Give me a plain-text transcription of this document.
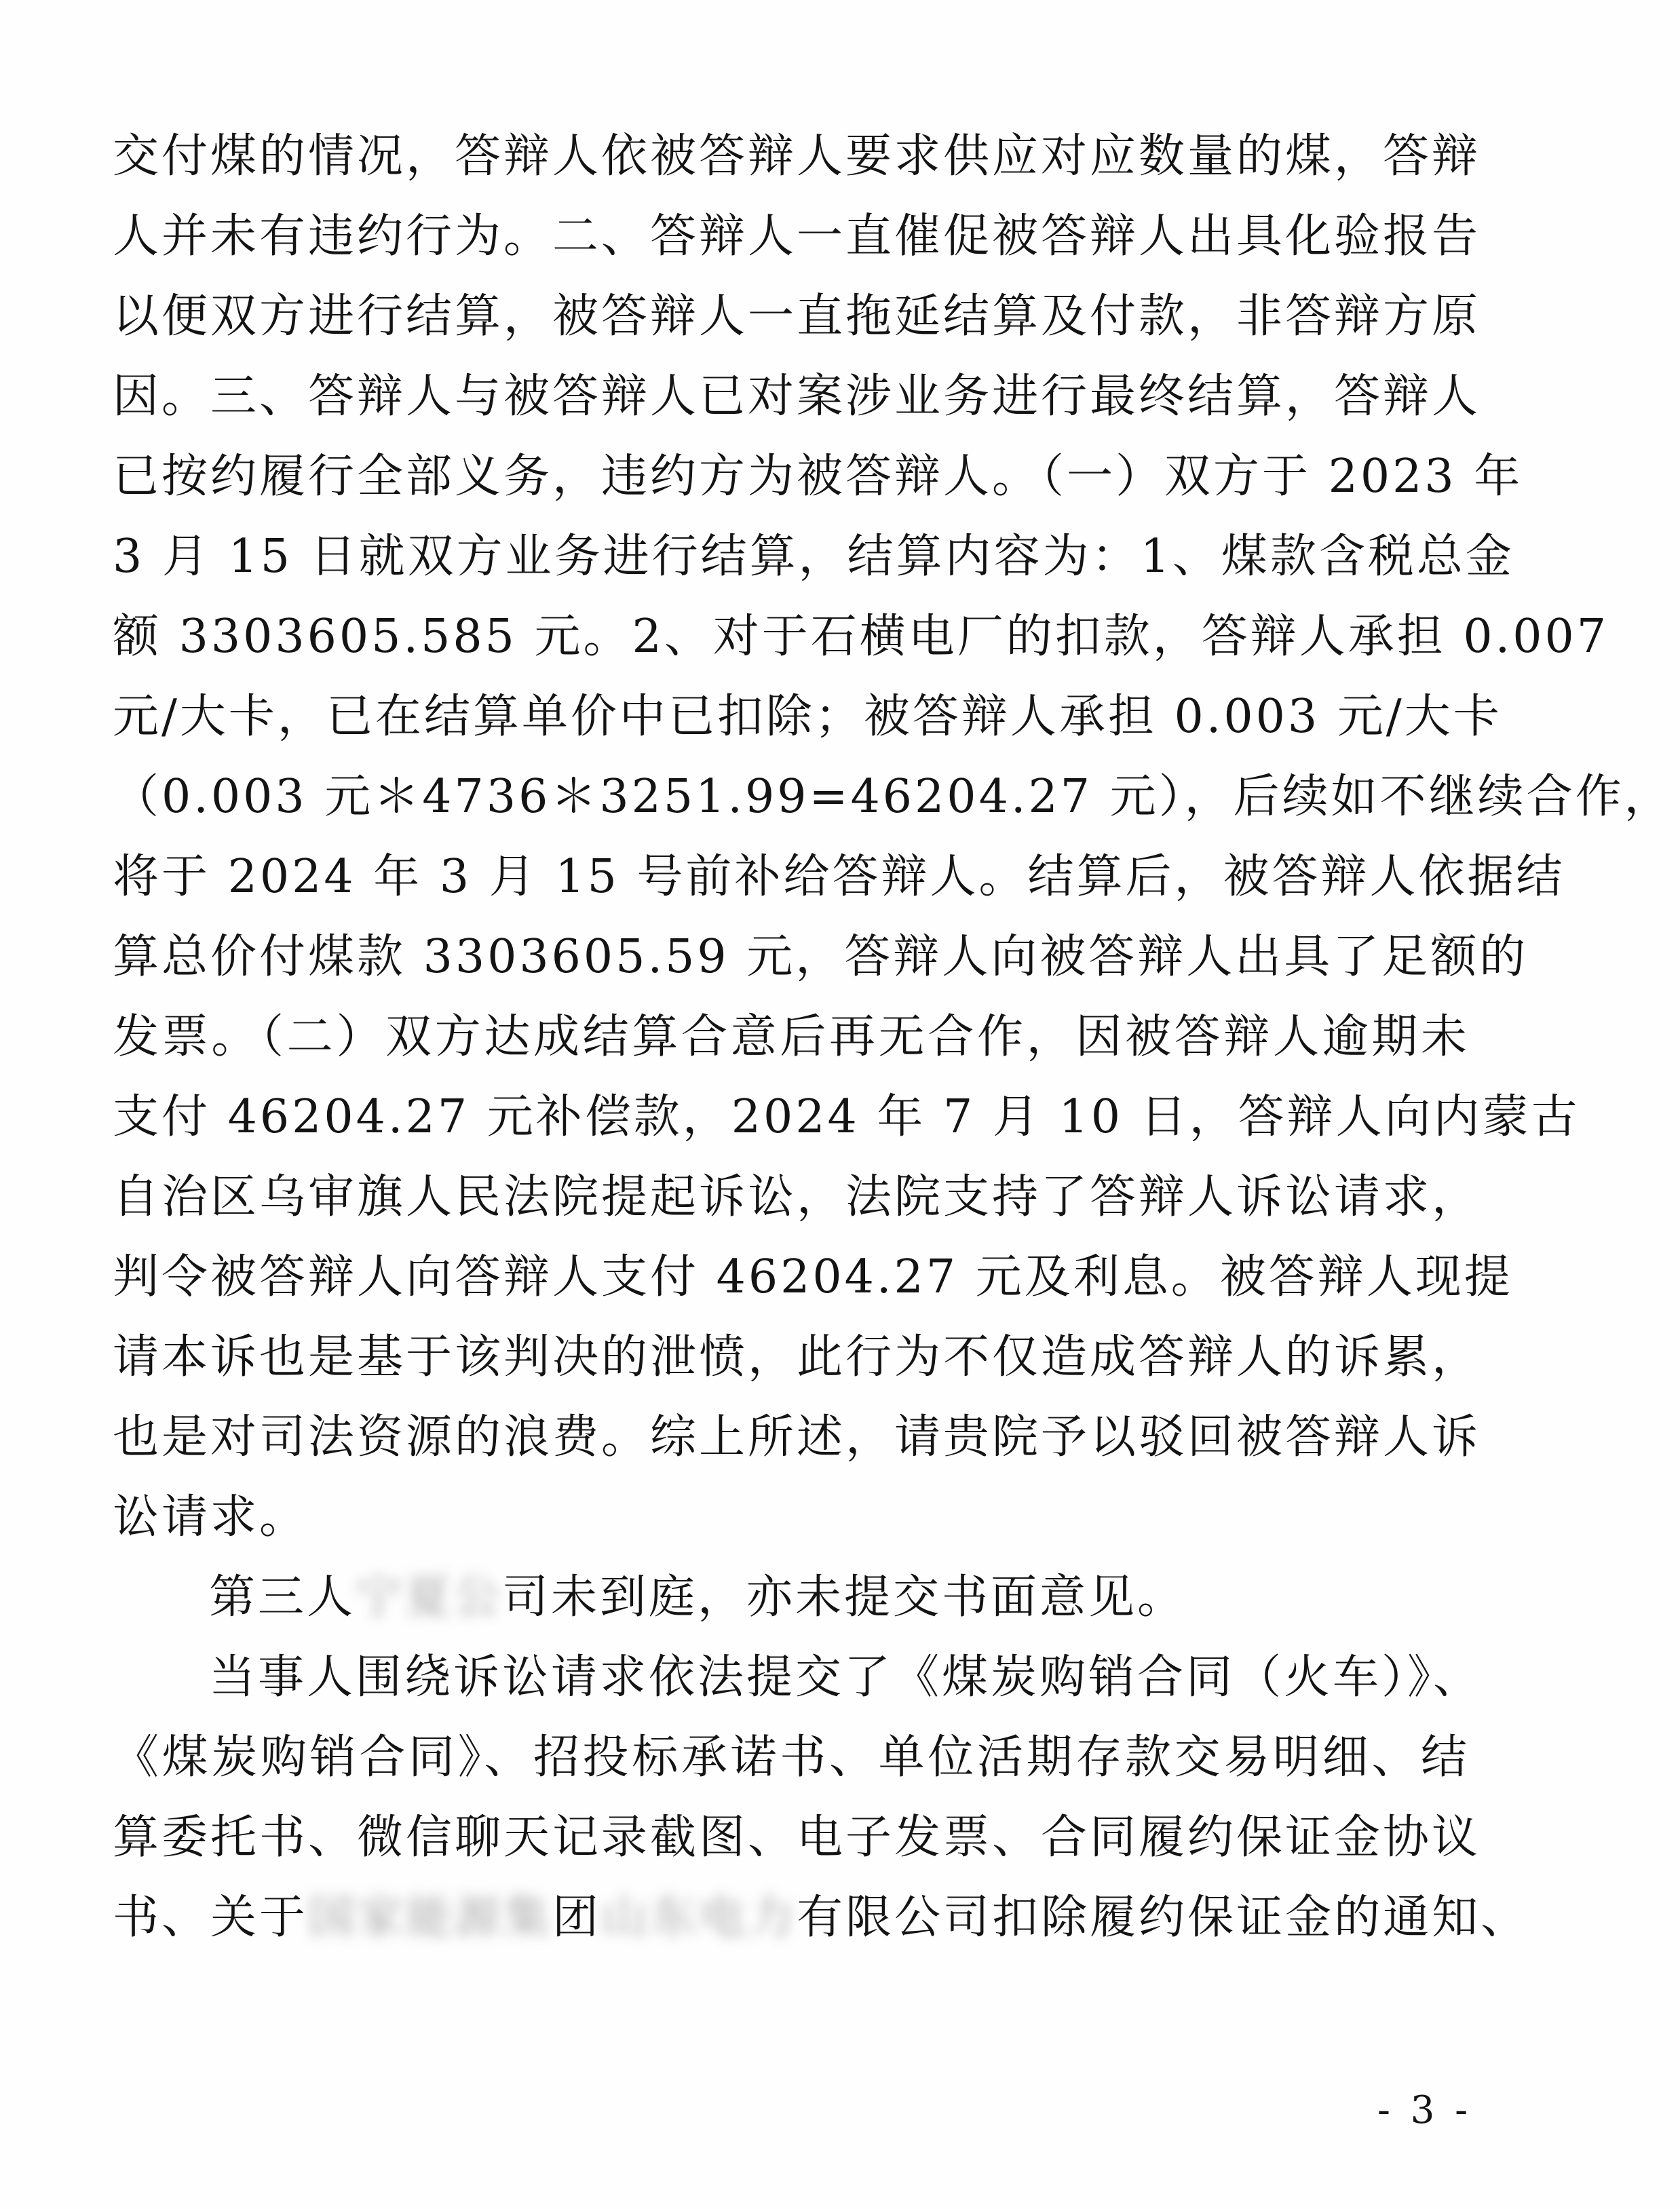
交付煤的情况，答辩人依被答辩人要求供应对应数量的煤，答辩
人并未有违约行为。二、答辩人一直催促被答辩人出具化验报告
以便双方进行结算，被答辩人一直拖延结算及付款，非答辩方原
因。三、答辩人与被答辩人已对案涉业务进行最终结算，答辩人
已按约履行全部义务，违约方为被答辩人。（一）双方于 2023 年
3 月 15 日就双方业务进行结算，结算内容为：1、煤款含税总金
额 3303605.585 元。2、对于石横电厂的扣款，答辩人承担 0.007
元/大卡，已在结算单价中已扣除；被答辩人承担 0.003 元/大卡
（0.003 元＊4736＊3251.99=46204.27 元），后续如不继续合作，
将于 2024 年 3 月 15 号前补给答辩人。结算后，被答辩人依据结
算总价付煤款 3303605.59 元，答辩人向被答辩人出具了足额的
发票。（二）双方达成结算合意后再无合作，因被答辩人逾期未
支付 46204.27 元补偿款，2024 年 7 月 10 日，答辩人向内蒙古
自治区乌审旗人民法院提起诉讼，法院支持了答辩人诉讼请求，
判令被答辩人向答辩人支付 46204.27 元及利息。被答辩人现提
请本诉也是基于该判决的泄愤，此行为不仅造成答辩人的诉累，
也是对司法资源的浪费。综上所述，请贵院予以驳回被答辩人诉
讼请求。
第三人宁夏公司未到庭，亦未提交书面意见。
当事人围绕诉讼请求依法提交了《煤炭购销合同（火车）》、
《煤炭购销合同》、招投标承诺书、单位活期存款交易明细、结
算委托书、微信聊天记录截图、电子发票、合同履约保证金协议
书、关于国家能源集团山东电力有限公司扣除履约保证金的通知、
- 3 -
